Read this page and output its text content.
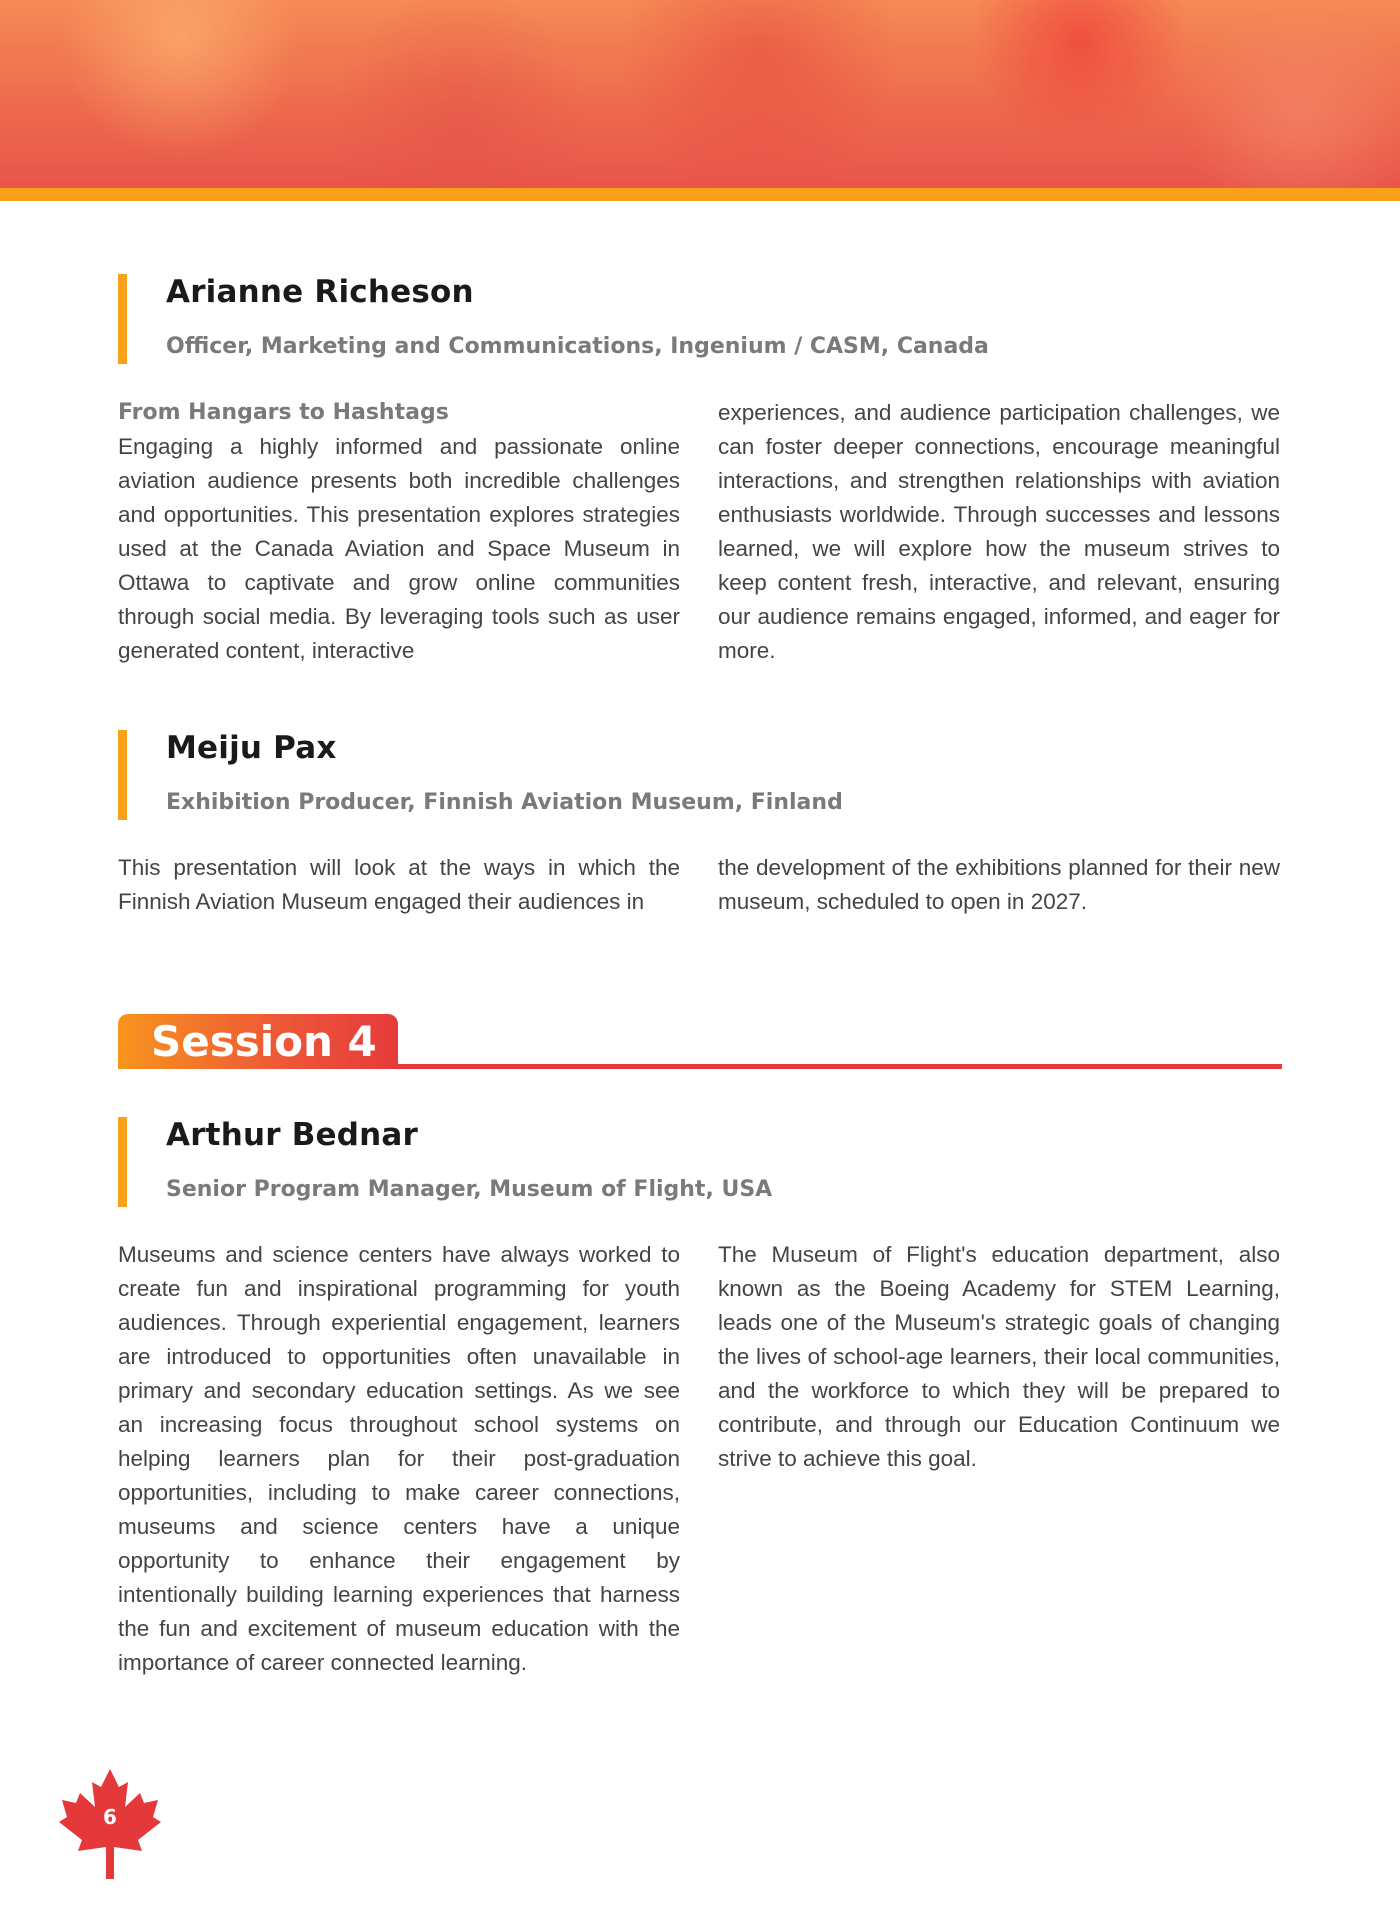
Arianne Richeson

Officer, Marketing and Communications, Ingenium / CASM, Canada

From Hangars to Hashtags
Engaging a highly informed and passionate online aviation audience presents both incredible challenges and opportunities. This presentation explores strategies used at the Canada Aviation and Space Museum in Ottawa to captivate and grow online communities through social media. By leveraging tools such as user generated content, interactive
experiences, and audience participation challenges, we can foster deeper connections, encourage meaningful interactions, and strengthen relationships with aviation enthusiasts worldwide. Through successes and lessons learned, we will explore how the museum strives to keep content fresh, interactive, and relevant, ensuring our audience remains engaged, informed, and eager for more.
Meiju Pax

Exhibition Producer, Finnish Aviation Museum, Finland

This presentation will look at the ways in which the Finnish Aviation Museum engaged their audiences in
the development of the exhibitions planned for their new museum, scheduled to open in 2027.
Session 4
Arthur Bednar

Senior Program Manager, Museum of Flight, USA

Museums and science centers have always worked to create fun and inspirational programming for youth audiences. Through experiential engagement, learners are introduced to opportunities often unavailable in primary and secondary education settings. As we see an increasing focus throughout school systems on helping learners plan for their post-graduation opportunities, including to make career connections, museums and science centers have a unique opportunity to enhance their engagement by intentionally building learning experiences that harness the fun and excitement of museum education with the importance of career connected learning.
The Museum of Flight's education department, also known as the Boeing Academy for STEM Learning, leads one of the Museum's strategic goals of changing the lives of school-age learners, their local communities, and the workforce to which they will be prepared to contribute, and through our Education Continuum we strive to achieve this goal.
6
